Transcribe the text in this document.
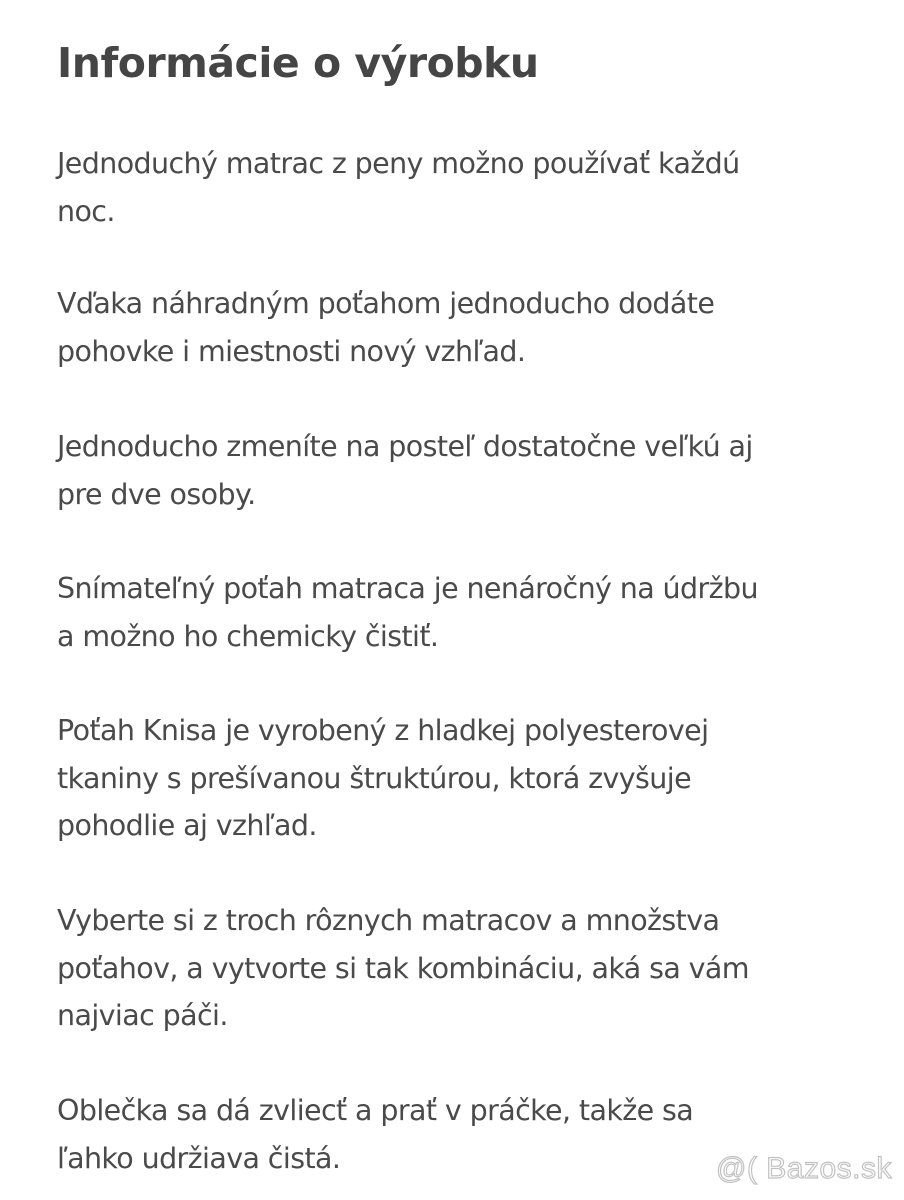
Informácie o výrobku

Jednoduchý matrac z peny možno používať každú
noc.

Vďaka náhradným poťahom jednoducho dodáte
pohovke i miestnosti nový vzhľad.

Jednoducho zmeníte na posteľ dostatočne veľkú aj
pre dve osoby.

Snímateľný poťah matraca je nenáročný na údržbu
a možno ho chemicky čistiť.

Poťah Knisa je vyrobený z hladkej polyesterovej
tkaniny s prešívanou štruktúrou, ktorá zvyšuje
pohodlie aj vzhľad.

Vyberte si z troch rôznych matracov a množstva
poťahov, a vytvorte si tak kombináciu, aká sa vám
najviac páči.

Oblečka sa dá zvliecť a prať v práčke, takže sa
ľahko udržiava čistá.	@( Bazos.sk
